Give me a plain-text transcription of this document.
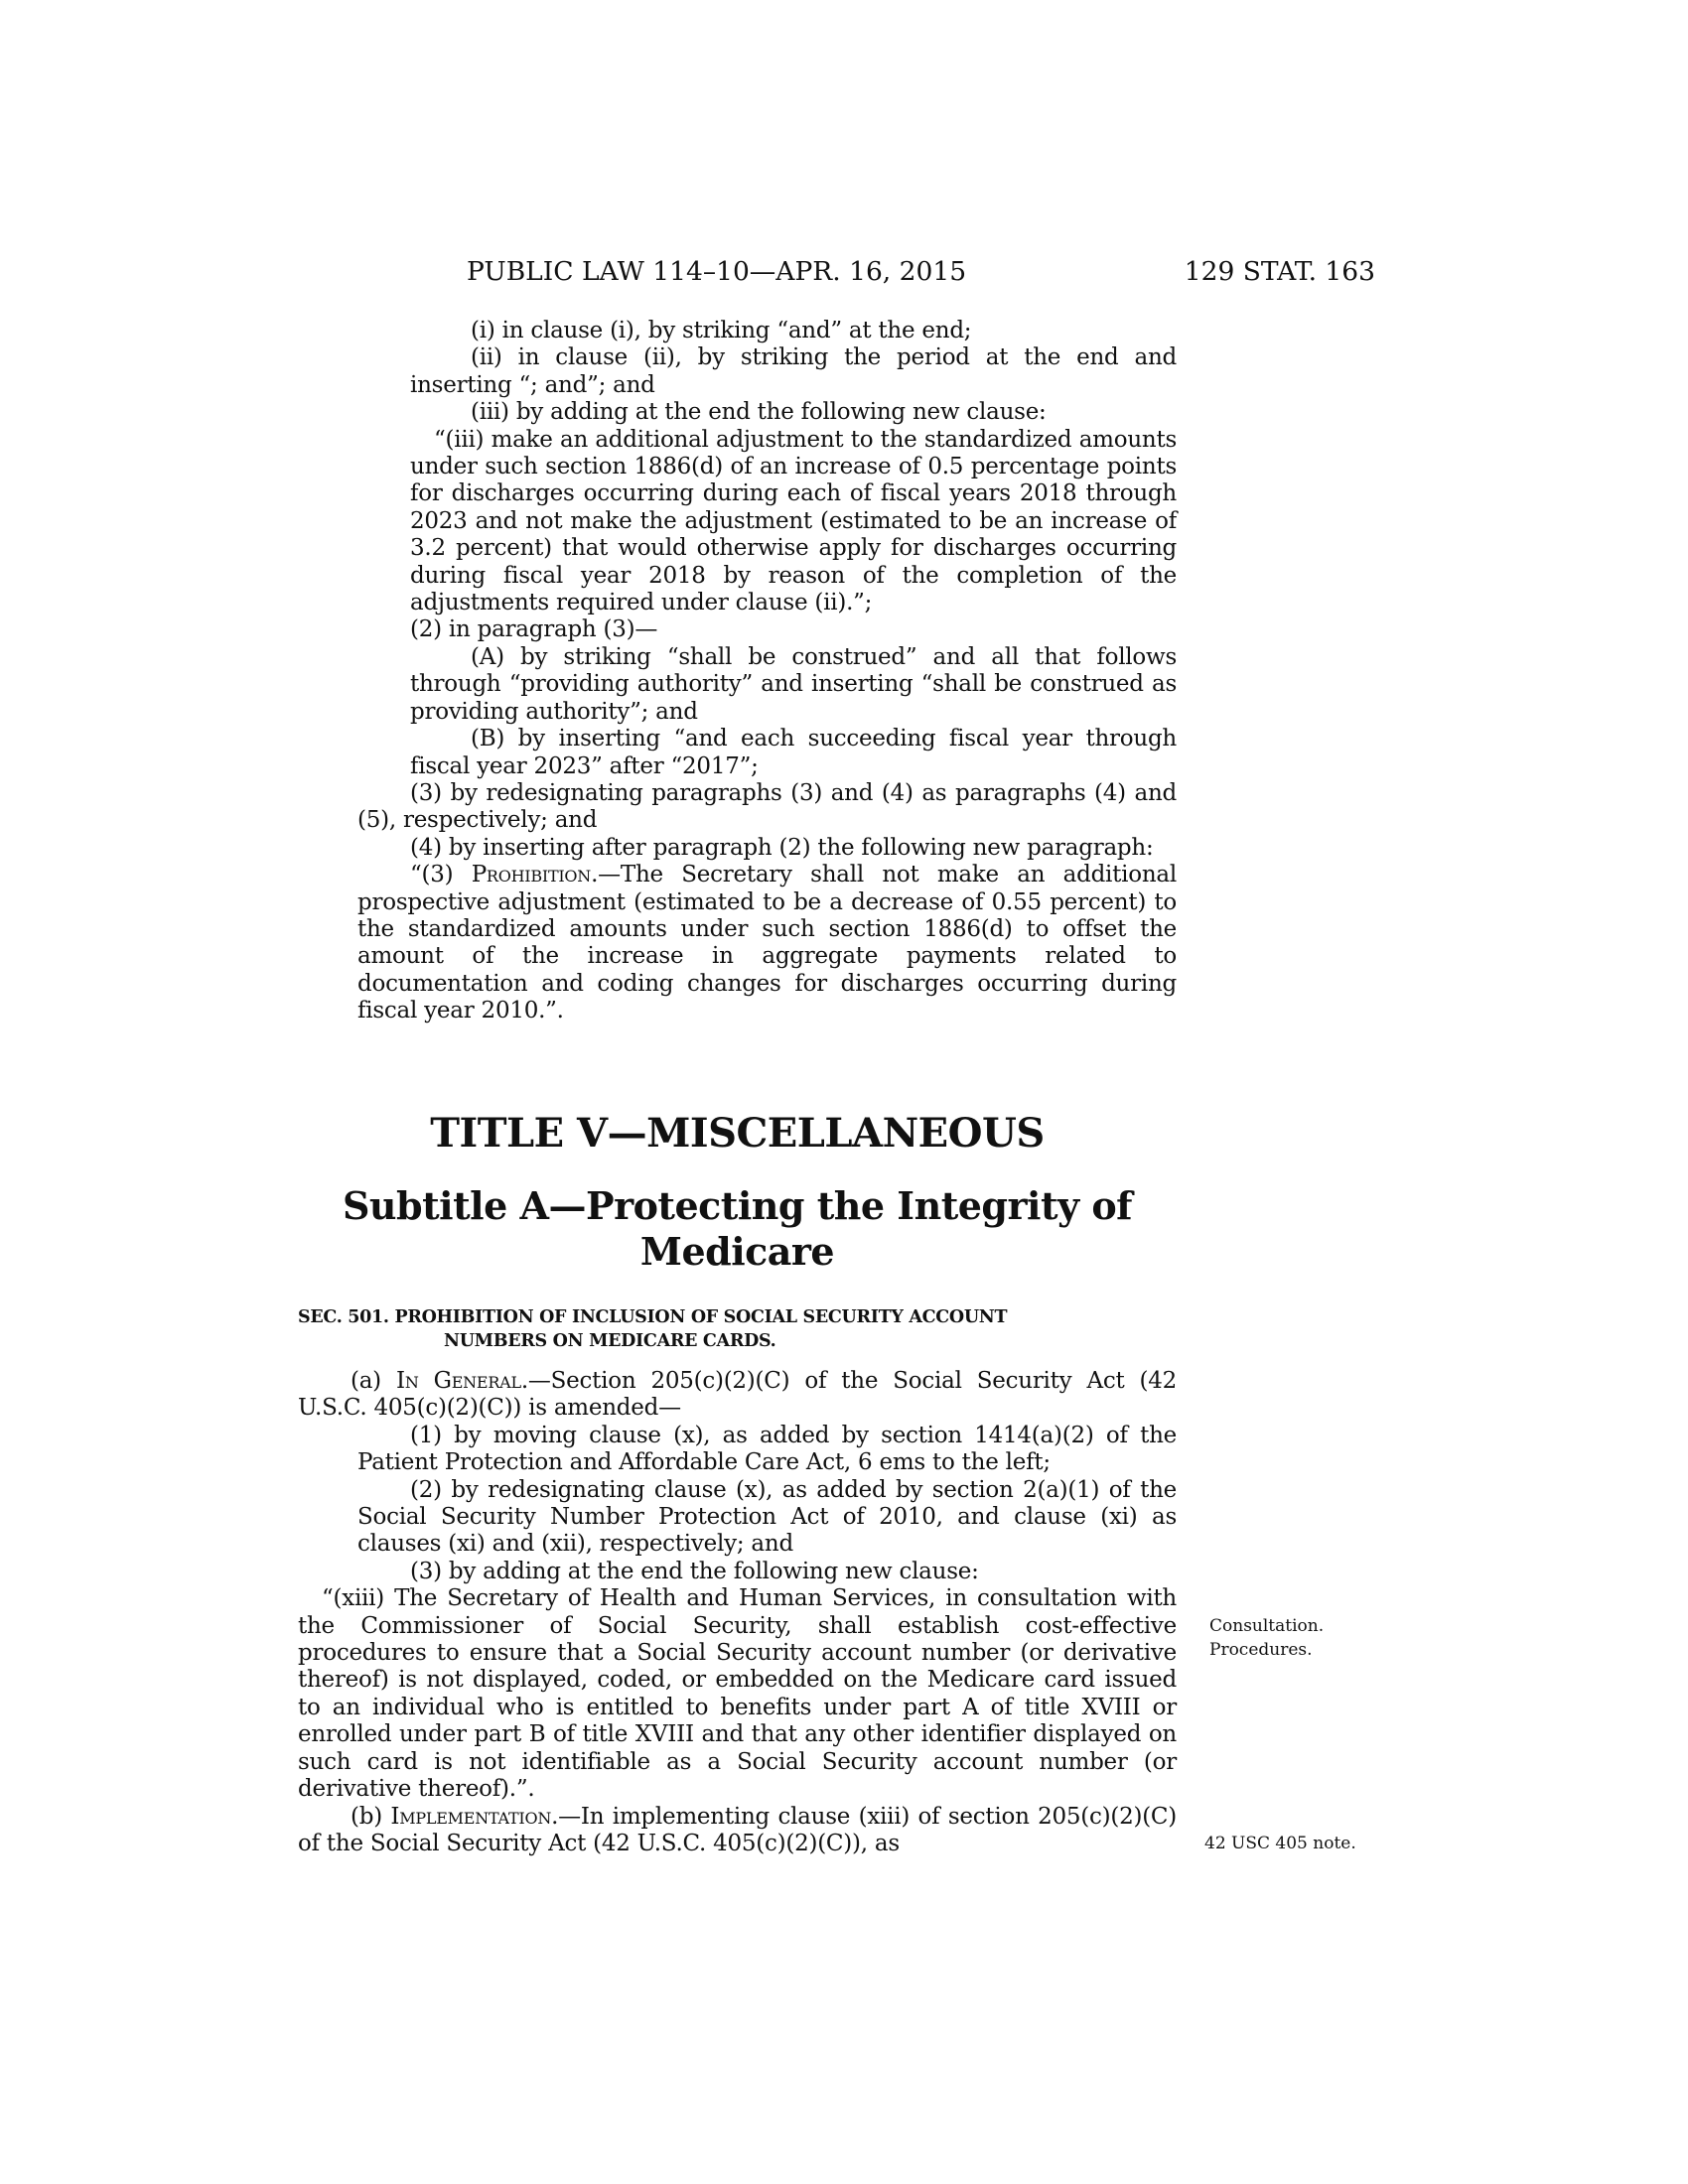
PUBLIC LAW 114–10—APR. 16, 2015	129 STAT. 163

(i) in clause (i), by striking “and” at the end;

(ii) in clause (ii), by striking the period at the end and inserting “; and”; and

(iii) by adding at the end the following new clause:

“(iii) make an additional adjustment to the standardized amounts under such section 1886(d) of an increase of 0.5 percentage points for discharges occurring during each of fiscal years 2018 through 2023 and not make the adjustment (estimated to be an increase of 3.2 percent) that would otherwise apply for discharges occurring during fiscal year 2018 by reason of the completion of the adjustments required under clause (ii).”;

(2) in paragraph (3)—

(A) by striking “shall be construed” and all that follows through “providing authority” and inserting “shall be construed as providing authority”; and

(B) by inserting “and each succeeding fiscal year through fiscal year 2023” after “2017”;

(3) by redesignating paragraphs (3) and (4) as paragraphs (4) and (5), respectively; and

(4) by inserting after paragraph (2) the following new paragraph:

“(3) Prohibition.—The Secretary shall not make an additional prospective adjustment (estimated to be a decrease of 0.55 percent) to the standardized amounts under such section 1886(d) to offset the amount of the increase in aggregate payments related to documentation and coding changes for discharges occurring during fiscal year 2010.”.

TITLE V—MISCELLANEOUS
Subtitle A—Protecting the Integrity of
Medicare
SEC. 501. PROHIBITION OF INCLUSION OF SOCIAL SECURITY ACCOUNT
NUMBERS ON MEDICARE CARDS.

(a) In General.—Section 205(c)(2)(C) of the Social Security Act (42 U.S.C. 405(c)(2)(C)) is amended—

(1) by moving clause (x), as added by section 1414(a)(2) of the Patient Protection and Affordable Care Act, 6 ems to the left;

(2) by redesignating clause (x), as added by section 2(a)(1) of the Social Security Number Protection Act of 2010, and clause (xi) as clauses (xi) and (xii), respectively; and

(3) by adding at the end the following new clause:

“(xiii) The Secretary of Health and Human Services, in consultation with the Commissioner of Social Security, shall establish cost-effective procedures to ensure that a Social Security account number (or derivative thereof) is not displayed, coded, or embedded on the Medicare card issued to an individual who is entitled to benefits under part A of title XVIII or enrolled under part B of title XVIII and that any other identifier displayed on such card is not identifiable as a Social Security account number (or derivative thereof).”.

(b) Implementation.—In implementing clause (xiii) of section 205(c)(2)(C) of the Social Security Act (42 U.S.C. 405(c)(2)(C)), as

Consultation.
Procedures.
42 USC 405 note.
